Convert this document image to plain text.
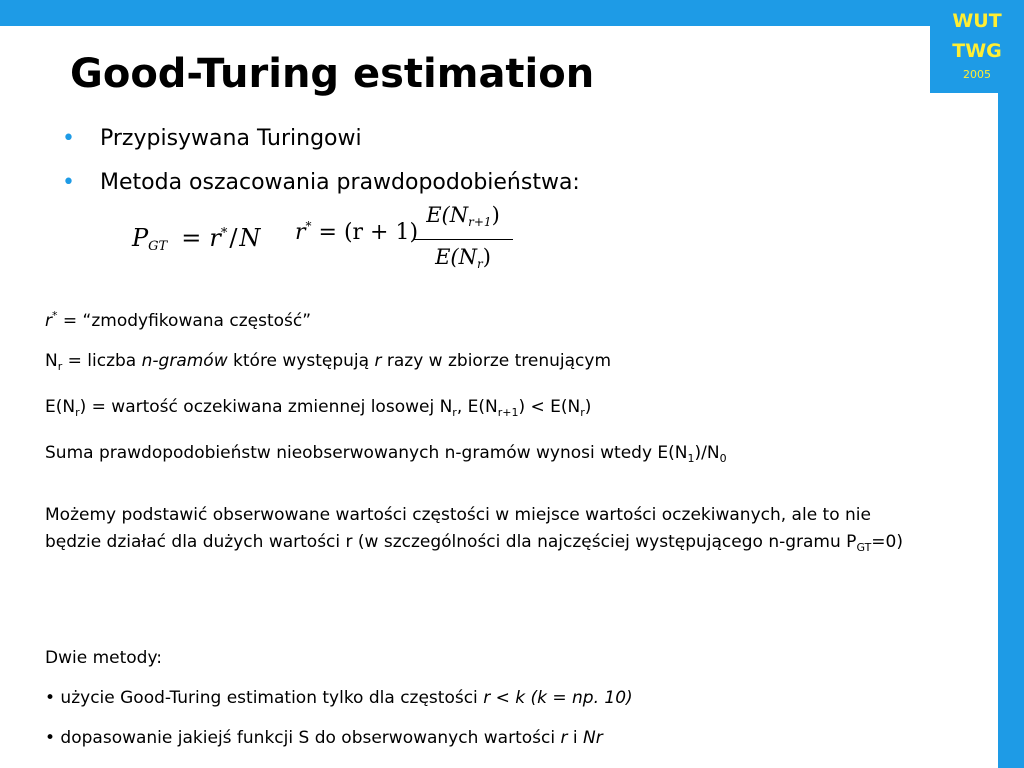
WUT
TWG
2005
Good-Turing estimation
• Przypisywana Turingowi
• Metoda oszacowania prawdopodobieństwa:
$P_{GT} = r^*/N$ r* = (r + 1)
$E(N_{r+1})$
$E(N_r)$
r* = “zmodyfikowana częstość”
$N_r$ = liczba n-gramów które występują r razy w zbiorze trenującym
$E(N_r)$ = wartość oczekiwana zmiennej losowej $N_r$, $E(N_{r+1}) < E(N_r)$
Suma prawdopodobieństw nieobserwowanych n-gramów wynosi wtedy $E(N_1)/N_0$
Możemy podstawić obserwowane wartości częstości w miejsce wartości oczekiwanych, ale to nie będzie działać dla dużych wartości r (w szczególności dla najczęściej występującego n-gramu $P_{GT}=0$)
Dwie metody:
• użycie Good-Turing estimation tylko dla częstości r < k (k = np. 10)
• dopasowanie jakiejś funkcji S do obserwowanych wartości r i Nr
